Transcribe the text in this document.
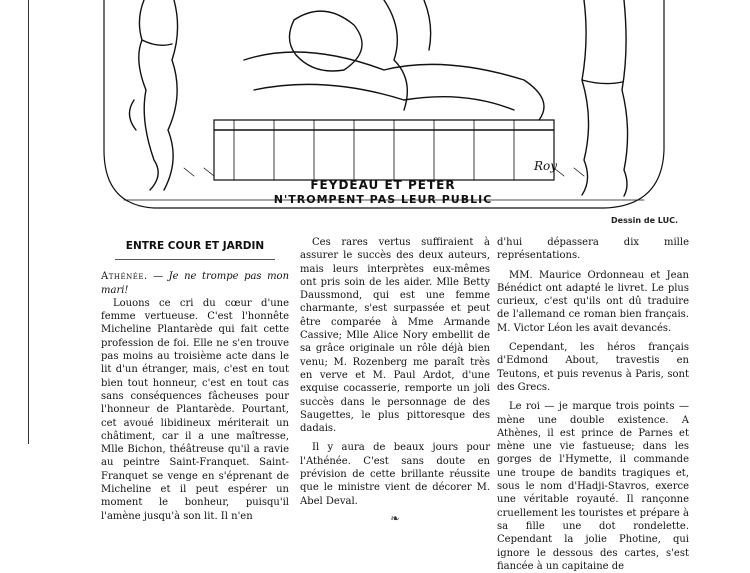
Roy
FEYDEAU ET PETER
N'TROMPENT PAS LEUR PUBLIC
Dessin de LUC.
ENTRE COUR ET JARDIN

Athénée. — Je ne trompe pas mon mari!

Louons ce cri du cœur d'une femme vertueuse. C'est l'honnête Micheline Plantarède qui fait cette profession de foi. Elle ne s'en trouve pas moins au troisième acte dans le lit d'un étranger, mais, c'est en tout bien tout honneur, c'est en tout cas sans conséquences fâcheuses pour l'honneur de Plantarède. Pourtant, cet avoué libidineux mériterait un châtiment, car il a une maîtresse, Mlle Bichon, théâtreuse qu'il a ravie au peintre Saint-Franquet. Saint-Franquet se venge en s'éprenant de Micheline et il peut espérer un moment le bonheur, puisqu'il l'amène jusqu'à son lit. Il n'en

Ces rares vertus suffiraient à assurer le succès des deux auteurs, mais leurs interprètes eux-mêmes ont pris soin de les aider. Mlle Betty Daussmond, qui est une femme charmante, s'est surpassée et peut être comparée à Mme Armande Cassive; Mlle Alice Nory embellit de sa grâce originale un rôle déjà bien venu; M. Rozenberg me paraît très en verve et M. Paul Ardot, d'une exquise cocasserie, remporte un joli succès dans le personnage de des Saugettes, le plus pittoresque des dadais.

Il y aura de beaux jours pour l'Athénée. C'est sans doute en prévision de cette brillante réussite que le ministre vient de décorer M. Abel Deval.

❧

d'hui dépassera dix mille représentations.

MM. Maurice Ordonneau et Jean Bénédict ont adapté le livret. Le plus curieux, c'est qu'ils ont dû traduire de l'allemand ce roman bien français. M. Victor Léon les avait devancés.

Cependant, les héros français d'Edmond About, travestis en Teutons, et puis revenus à Paris, sont des Grecs.

Le roi — je marque trois points — mène une double existence. A Athènes, il est prince de Parnes et mène une vie fastueuse; dans les gorges de l'Hymette, il commande une troupe de bandits tragiques et, sous le nom d'Hadji-Stavros, exerce une véritable royauté. Il rançonne cruellement les touristes et prépare à sa fille une dot rondelette. Cependant la jolie Photine, qui ignore le dessous des cartes, s'est fiancée à un capitaine de
